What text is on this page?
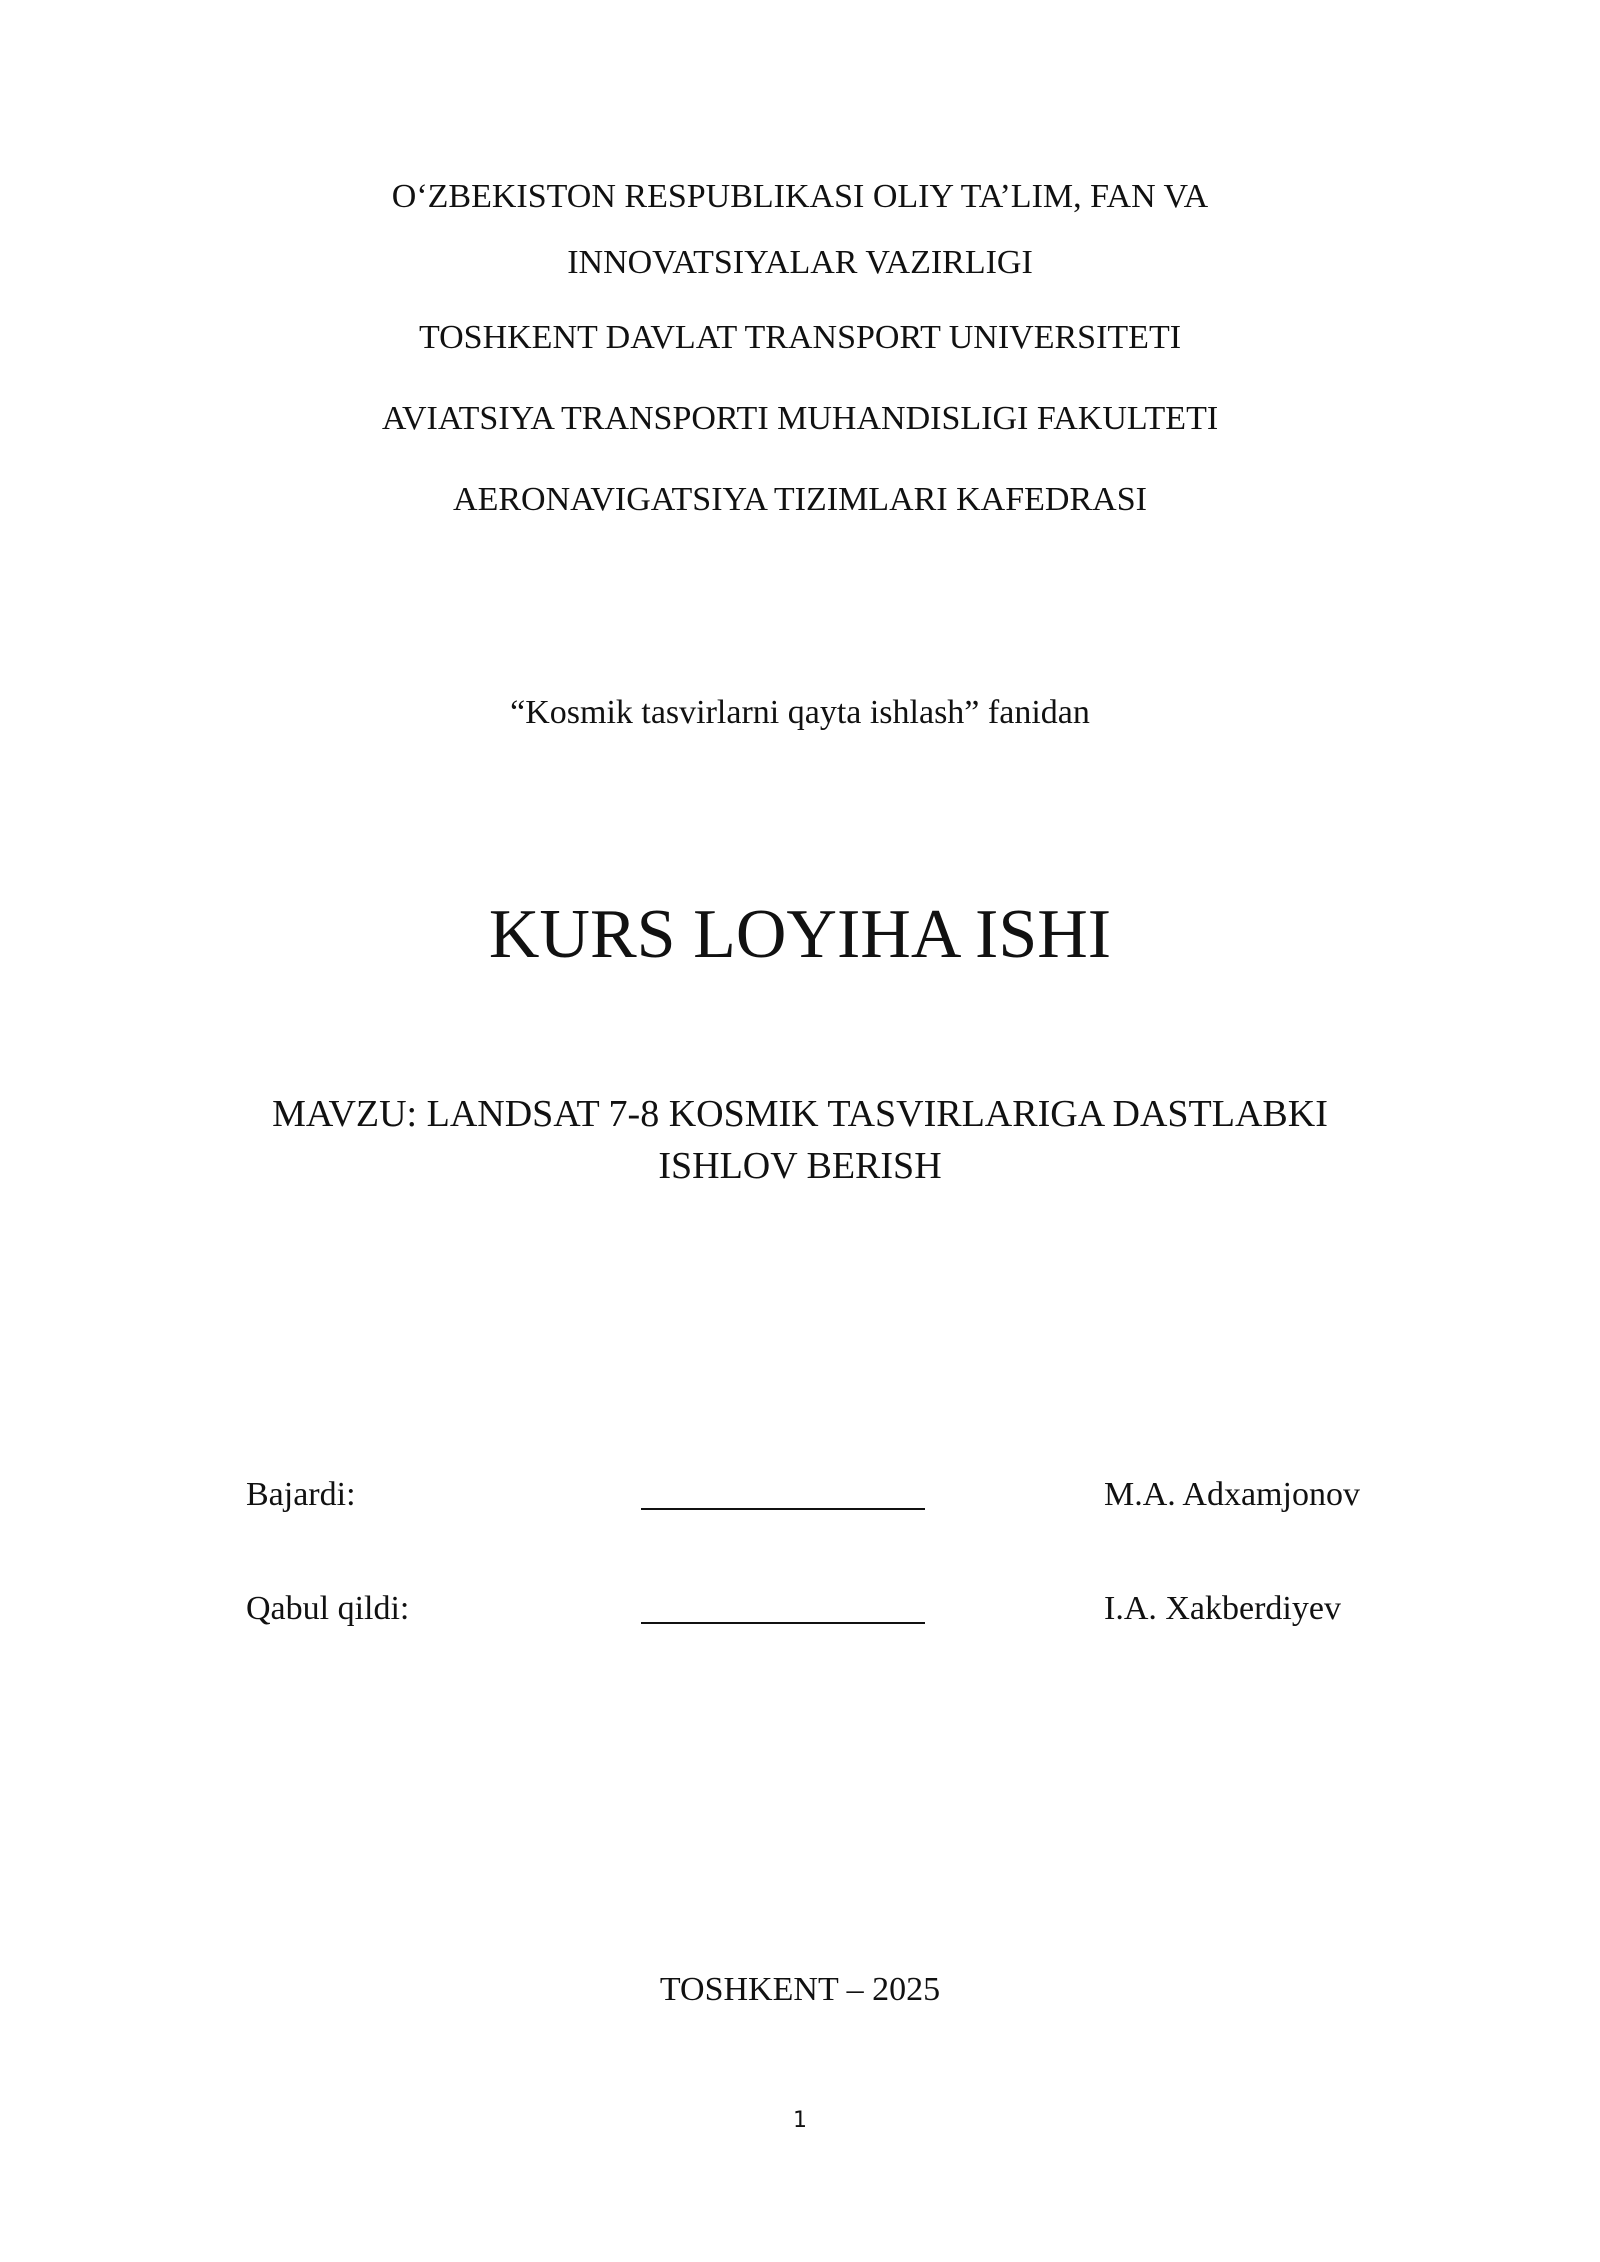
O‘ZBEKISTON RESPUBLIKASI OLIY TA’LIM, FAN VA
INNOVATSIYALAR VAZIRLIGI
TOSHKENT DAVLAT TRANSPORT UNIVERSITETI
AVIATSIYA TRANSPORTI MUHANDISLIGI FAKULTETI
AERONAVIGATSIYA TIZIMLARI KAFEDRASI
“Kosmik tasvirlarni qayta ishlash” fanidan
KURS LOYIHA ISHI
MAVZU: LANDSAT 7-8 KOSMIK TASVIRLARIGA DASTLABKI
ISHLOV BERISH
Bajardi:	M.A. Adxamjonov
Qabul qildi:	I.A. Xakberdiyev
TOSHKENT – 2025
1
